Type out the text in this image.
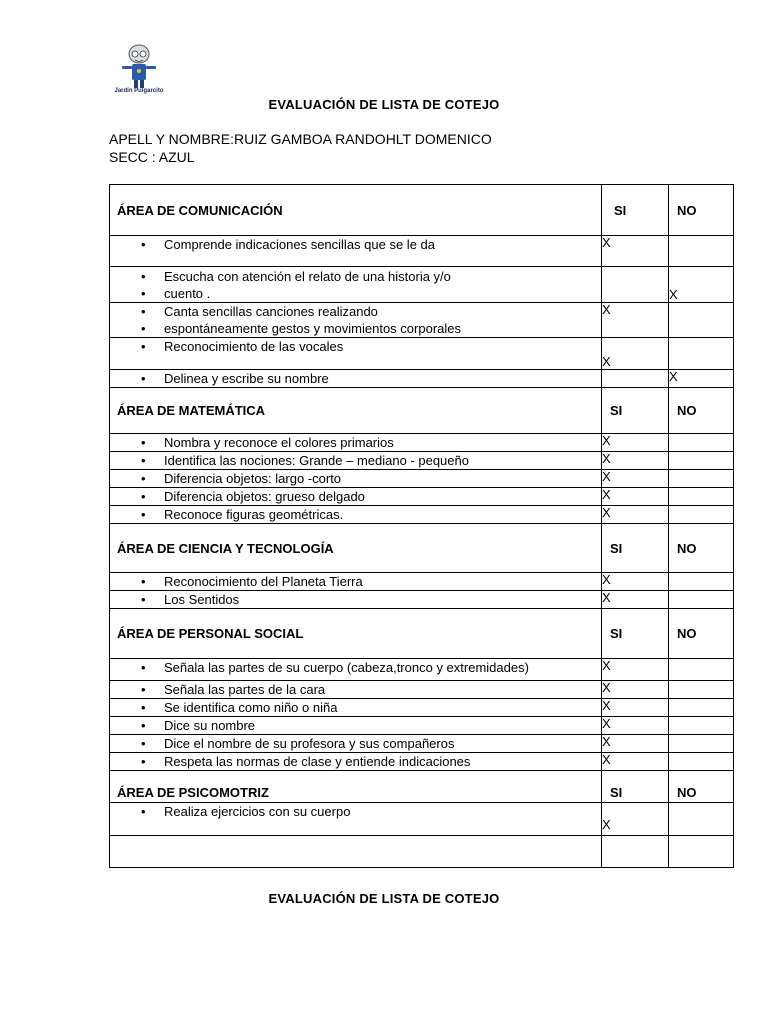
Jardín Pulgarcito
EVALUACIÓN DE LISTA DE COTEJO
APELL Y NOMBRE:RUIZ GAMBOA RANDOHLT DOMENICO
SECC : AZUL
ÁREA DE COMUNICACIÓN	SI	NO

• Comprende indicaciones sencillas que se le da	X	

• Escucha con atención el relato de una historia y/o
• cuento .		X

• Canta sencillas canciones realizando
• espontáneamente gestos y movimientos corporales	X	

• Reconocimiento de las vocales	X	

• Delinea y escribe su nombre		X
ÁREA DE MATEMÁTICA	SI	NO

• Nombra y reconoce el colores primarios	X	

• Identifica las nociones: Grande – mediano - pequeño	X	

• Diferencia objetos: largo -corto	X	

• Diferencia objetos: grueso delgado	X	

• Reconoce figuras geométricas.	X	
ÁREA DE CIENCIA Y TECNOLOGÍA	SI	NO

• Reconocimiento del Planeta Tierra	X	

• Los Sentidos	X	
ÁREA DE PERSONAL SOCIAL	SI	NO

• Señala las partes de su cuerpo (cabeza,tronco y extremidades)	X	

• Señala las partes de la cara	X	

• Se identifica como niño o niña	X	

• Dice su nombre	X	

• Dice el nombre de su profesora y sus compañeros	X	

• Respeta las normas de clase y entiende indicaciones	X	
ÁREA DE PSICOMOTRIZ	SI	NO

• Realiza ejercicios con su cuerpo	X	

EVALUACIÓN DE LISTA DE COTEJO
